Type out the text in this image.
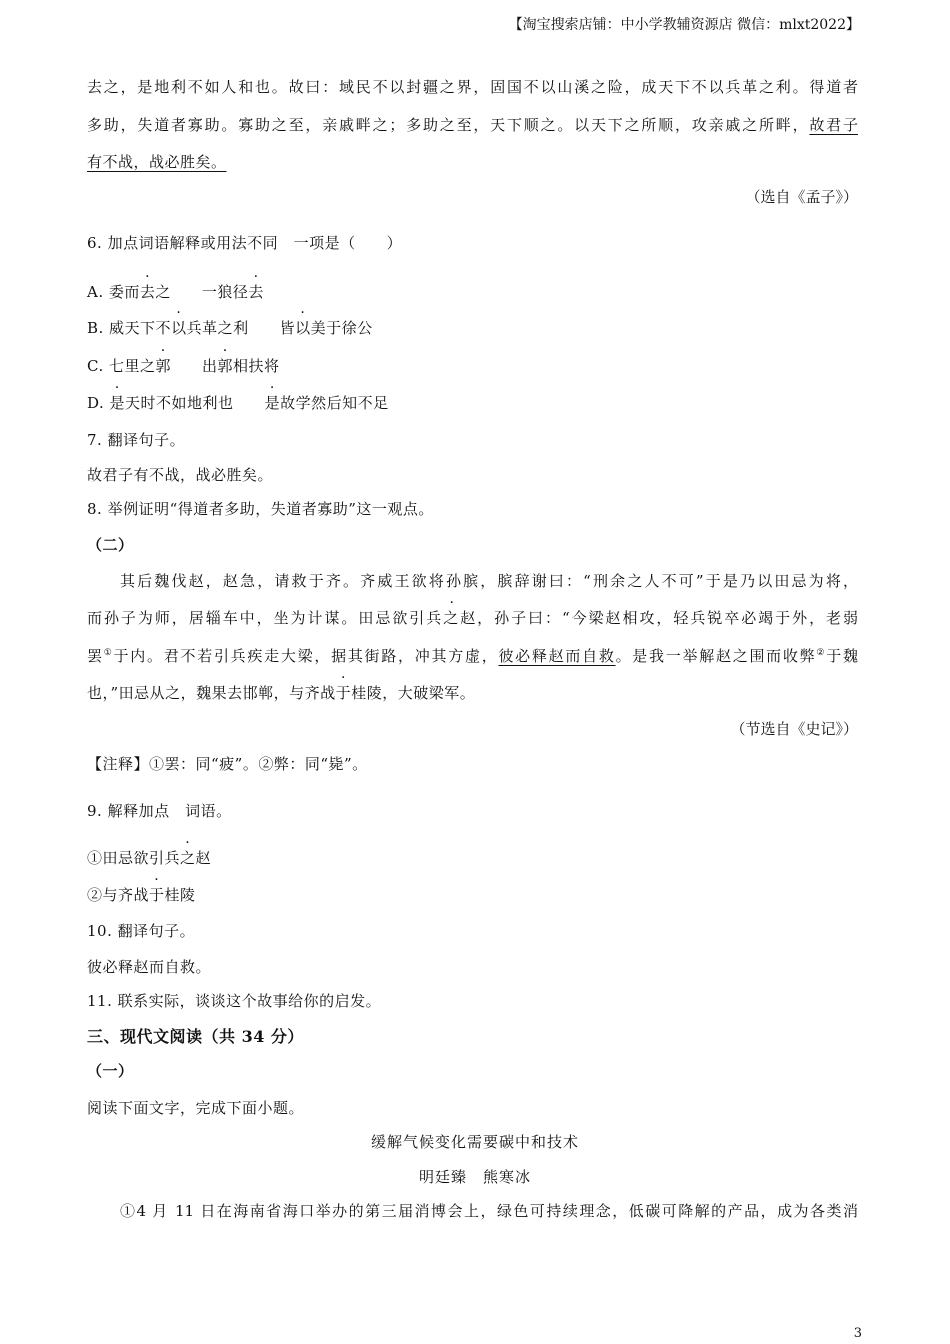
【淘宝搜索店铺：中小学教辅资源店 微信：mlxt2022】
去之，是地利不如人和也。故曰：域民不以封疆之界，固国不以山溪之险，成天下不以兵革之利。得道者
多助，失道者寡助。寡助之至，亲戚畔之；多助之至，天下顺之。以天下之所顺，攻亲戚之所畔，故君子
有不战，战必胜矣。
（选自《孟子》）
6. 加点词语解释或用法不同　一项是（　　）
A. 委而去之　　一狼径去
B. 威天下不以兵革之利　　皆以美于徐公
C. 七里之郭　　出郭相扶将
D. 是天时不如地利也　　是故学然后知不足
7. 翻译句子。
故君子有不战，战必胜矣。
8. 举例证明“得道者多助，失道者寡助”这一观点。
（二）
其后魏伐赵，赵急，请救于齐。齐威王欲将孙膑，膑辞谢曰：“刑余之人不可”于是乃以田忌为将，
而孙子为师，居辎车中，坐为计谋。田忌欲引兵之赵，孙子曰：“今梁赵相攻，轻兵锐卒必竭于外，老弱
罢①于内。君不若引兵疾走大梁，据其街路，冲其方虚，彼必释赵而自救。是我一举解赵之围而收弊②于魏
也，”田忌从之，魏果去邯郸，与齐战于桂陵，大破梁军。
（节选自《史记》）
【注释】①罢：同“疲”。②弊：同“毙”。
9. 解释加点　词语。
①田忌欲引兵之赵
②与齐战于桂陵
10. 翻译句子。
彼必释赵而自救。
11. 联系实际，谈谈这个故事给你的启发。
三、现代文阅读（共 34 分）
（一）
阅读下面文字，完成下面小题。
缓解气候变化需要碳中和技术
明廷臻　熊寒冰
①4 月 11 日在海南省海口举办的第三届消博会上，绿色可持续理念，低碳可降解的产品，成为各类消
3
